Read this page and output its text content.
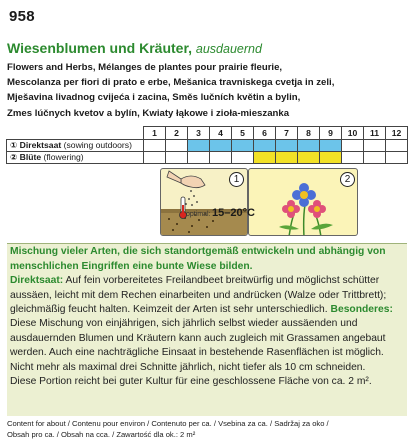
958
Wiesenblumen und Kräuter, ausdauernd
Flowers and Herbs, Mélanges de plantes pour prairie fleurie,
Mescolanza per fiori di prato e erbe, Mešanica travniskega cvetja in zeli,
Mješavina livadnog cvijeća i zacina, Směs lučních květin a bylin,
Zmes lúčnych kvetov a bylín, Kwiaty łąkowe i zioła-mieszanka
	1	2	3	4	5	6	7	8	9	10	11	12
① Direktsaat (sowing outdoors)												
② Blüte (flowering)												
1	2
optimal: 15–20°C
Mischung vieler Arten, die sich standortgemäß entwickeln und abhängig von menschlichen Eingriffen eine bunte Wiese bilden.
Direktsaat: Auf fein vorbereitetes Freilandbeet breitwürfig und möglichst schütter aussäen, leicht mit dem Rechen einarbeiten und andrücken (Walze oder Trittbrett); gleichmäßig feucht halten. Keimzeit der Arten ist sehr unterschiedlich. Besonderes: Diese Mischung von einjährigen, sich jährlich selbst wieder aussäenden und ausdauernden Blumen und Kräutern kann auch zugleich mit Grassamen angebaut werden. Auch eine nachträgliche Einsaat in bestehende Rasenflächen ist möglich. Nicht mehr als maximal drei Schnitte jährlich, nicht tiefer als 10 cm schneiden.
Diese Portion reicht bei guter Kultur für eine geschlossene Fläche von ca. 2 m².
Content for about / Contenu pour environ / Contenuto per ca. / Vsebina za ca. / Sadržaj za oko /
Obsah pro ca. / Obsah na cca. / Zawartość dla ok.: 2 m²
